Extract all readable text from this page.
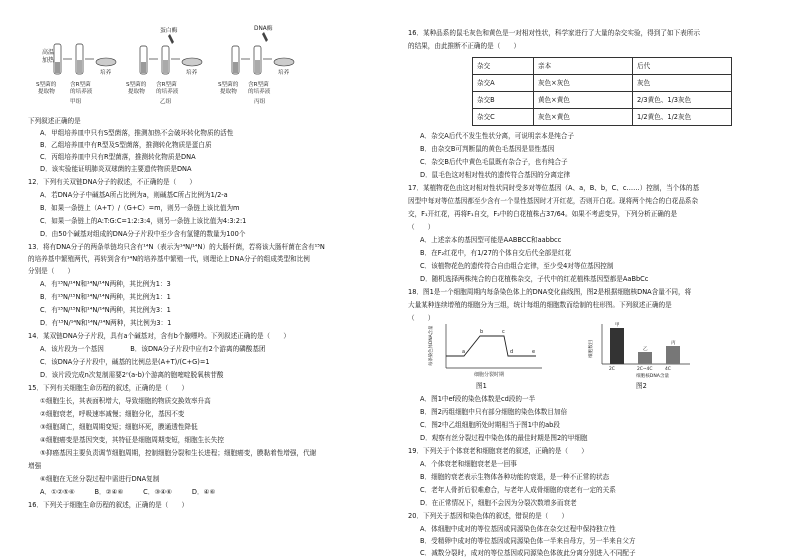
高温
加热
S型菌的
提取物
含R型菌
的培养液
培养
甲组
蛋白酶
S型菌的
提取物
含R型菌
的培养液
培养
乙组
DNA酶
S型菌的
提取物
含R型菌
的培养液
培养
丙组
下列叙述正确的是
A．甲组培养皿中只有S型菌落，推测加热不会破坏转化物质的活性
B．乙组培养皿中有R型及S型菌落，推测转化物质是蛋白质
C．丙组培养皿中只有R型菌落，推测转化物质是DNA
D．该实验能证明肺炎双球菌的主要遗传物质是DNA
12．下列有关双链DNA分子的叙述，不正确的是（　　）
A．若DNA分子中碱基A所占比例为a，则碱基C所占比例为1/2-a
B．如果一条链上（A+T）/（G+C）=m，则另一条链上该比值为m
C．如果一条链上的A:T:G:C=1:2:3:4，则另一条链上该比值为4:3:2:1
D．由50个碱基对组成的DNA分子片段中至少含有氢键的数量为100个
13．将有DNA分子的两条单链均只含有¹⁴N（表示为¹⁴N/¹⁴N）的大肠杆菌，若将该大肠杆菌在含有¹⁵N
的培养基中繁殖两代，再转到含有¹⁴N的培养基中繁殖一代，则理论上DNA分子的组成类型和比例
分别是（　　）
A．有¹⁵N/¹⁴N和¹⁴N/¹⁴N两种，其比例为1：3
B．有¹⁵N/¹⁵N和¹⁴N/¹⁴N两种，其比例为1：1
C．有¹⁵N/¹⁵N和¹⁴N/¹⁴N两种，其比例为3：1
D．有¹⁵N/¹⁴N和¹⁴N/¹⁴N两种，其比例为3：1
14．某双链DNA分子片段，具有a个碱基对，含有b个腺嘌呤。下列叙述正确的是（　　）
A．该片段为一个基因　　　　B．该DNA分子片段中应有2个游离的磷酸基团
C．该DNA分子片段中，碱基的比例总是(A+T)/(C+G)=1
D．该片段完成n次复制需要2ⁿ(a-b)个游离的胞嘧啶脱氧核苷酸
15．下列有关细胞生命历程的叙述，正确的是（　　）
①细胞生长，其表面积增大，导致细胞的物质交换效率升高
②细胞衰老，呼吸速率减慢；细胞分化，基因不变
③细胞凋亡，细胞周期变短；细胞坏死，膜通透性降低
④细胞癌变是基因突变，其特征是细胞周期变短，细胞生长失控
⑤抑癌基因主要负责调节细胞周期，控制细胞分裂和生长进程；细胞癌变，膜黏着性增强，代谢
增强
⑥细胞在无丝分裂过程中需进行DNA复制
A．①②⑤⑥　　　B．②④⑥　　　C．③④⑥　　　D．④⑥
16．下列关于细胞生命历程的叙述，正确的是（　　）
16．某种品系的鼠毛灰色和黄色是一对相对性状，科学家进行了大量的杂交实验，得到了如下表所示
的结果，由此推断不正确的是（　　）
杂交	亲本	后代
杂交A	灰色×灰色	灰色
杂交B	黄色×黄色	2/3黄色、1/3灰色
杂交C	灰色×黄色	1/2黄色、1/2灰色
A．杂交A后代不发生性状分离，可说明亲本是纯合子
B．由杂交B可判断鼠的黄色毛基因是显性基因
C．杂交B后代中黄色毛鼠既有杂合子，也有纯合子
D．鼠毛色这对相对性状的遗传符合基因的分离定律
17．某植物花色由这对相对性状同时受多对等位基因（A、a，B、b，C、c……）控制，当个体的基
因型中每对等位基因都至少含有一个显性基因时才开红花，否则开白花。现将两个纯合的白花品系杂
交，F₁开红花，再将F₁自交，F₂中的白花植株占37/64。如果不考虑变异，下列分析正确的是
（　　）
A．上述亲本的基因型可能是AABBCC和aabbcc
B．在F₂红花中，有1/27的个体自交后代全部是红花
C．该植物花色的遗传符合自由组合定律，至少受4对等位基因控制
D．随机选择两株纯合的白花植株杂交，子代中的红花植株基因型都是AaBbCc
18．图1是一个细胞周期内每条染色体上的DNA变化曲线图，图2是根据细胞核DNA含量不同，将
大量某种连续增殖的细胞分为三组，统计每组的细胞数而绘制的柱形图。下列叙述正确的是
（　　）
a
b	c
d	e
每条染色体DNA含量
细胞分裂时期
图1
细胞数目
细胞核DNA含量
甲
2C
乙
2C~4C
丙
4C
图2
A．图1中ef段的染色体数是cd段的一半
B．图2丙组细胞中只有部分细胞的染色体数目加倍
C．图2中乙组细胞所处时期相当于图1中的ab段
D．观察有丝分裂过程中染色体的最佳时期是图2的甲细胞
19．下列关于个体衰老和细胞衰老的叙述，正确的是（　　）
A．个体衰老和细胞衰老是一回事
B．细胞的衰老表示生物体各种功能的衰退，是一种不正常的状态
C．老年人骨折后很难愈合，与老年人成骨细胞的衰老有一定的关系
D．在正常情况下，细胞不会因为分裂次数增多而衰老
20．下列关于基因和染色体的叙述，错误的是（　　）
A．体细胞中成对的等位基因或同源染色体在杂交过程中保持独立性
B．受精卵中成对的等位基因或同源染色体一半来自母方，另一半来自父方
C．减数分裂时，成对的等位基因或同源染色体彼此分离分别进入不同配子
